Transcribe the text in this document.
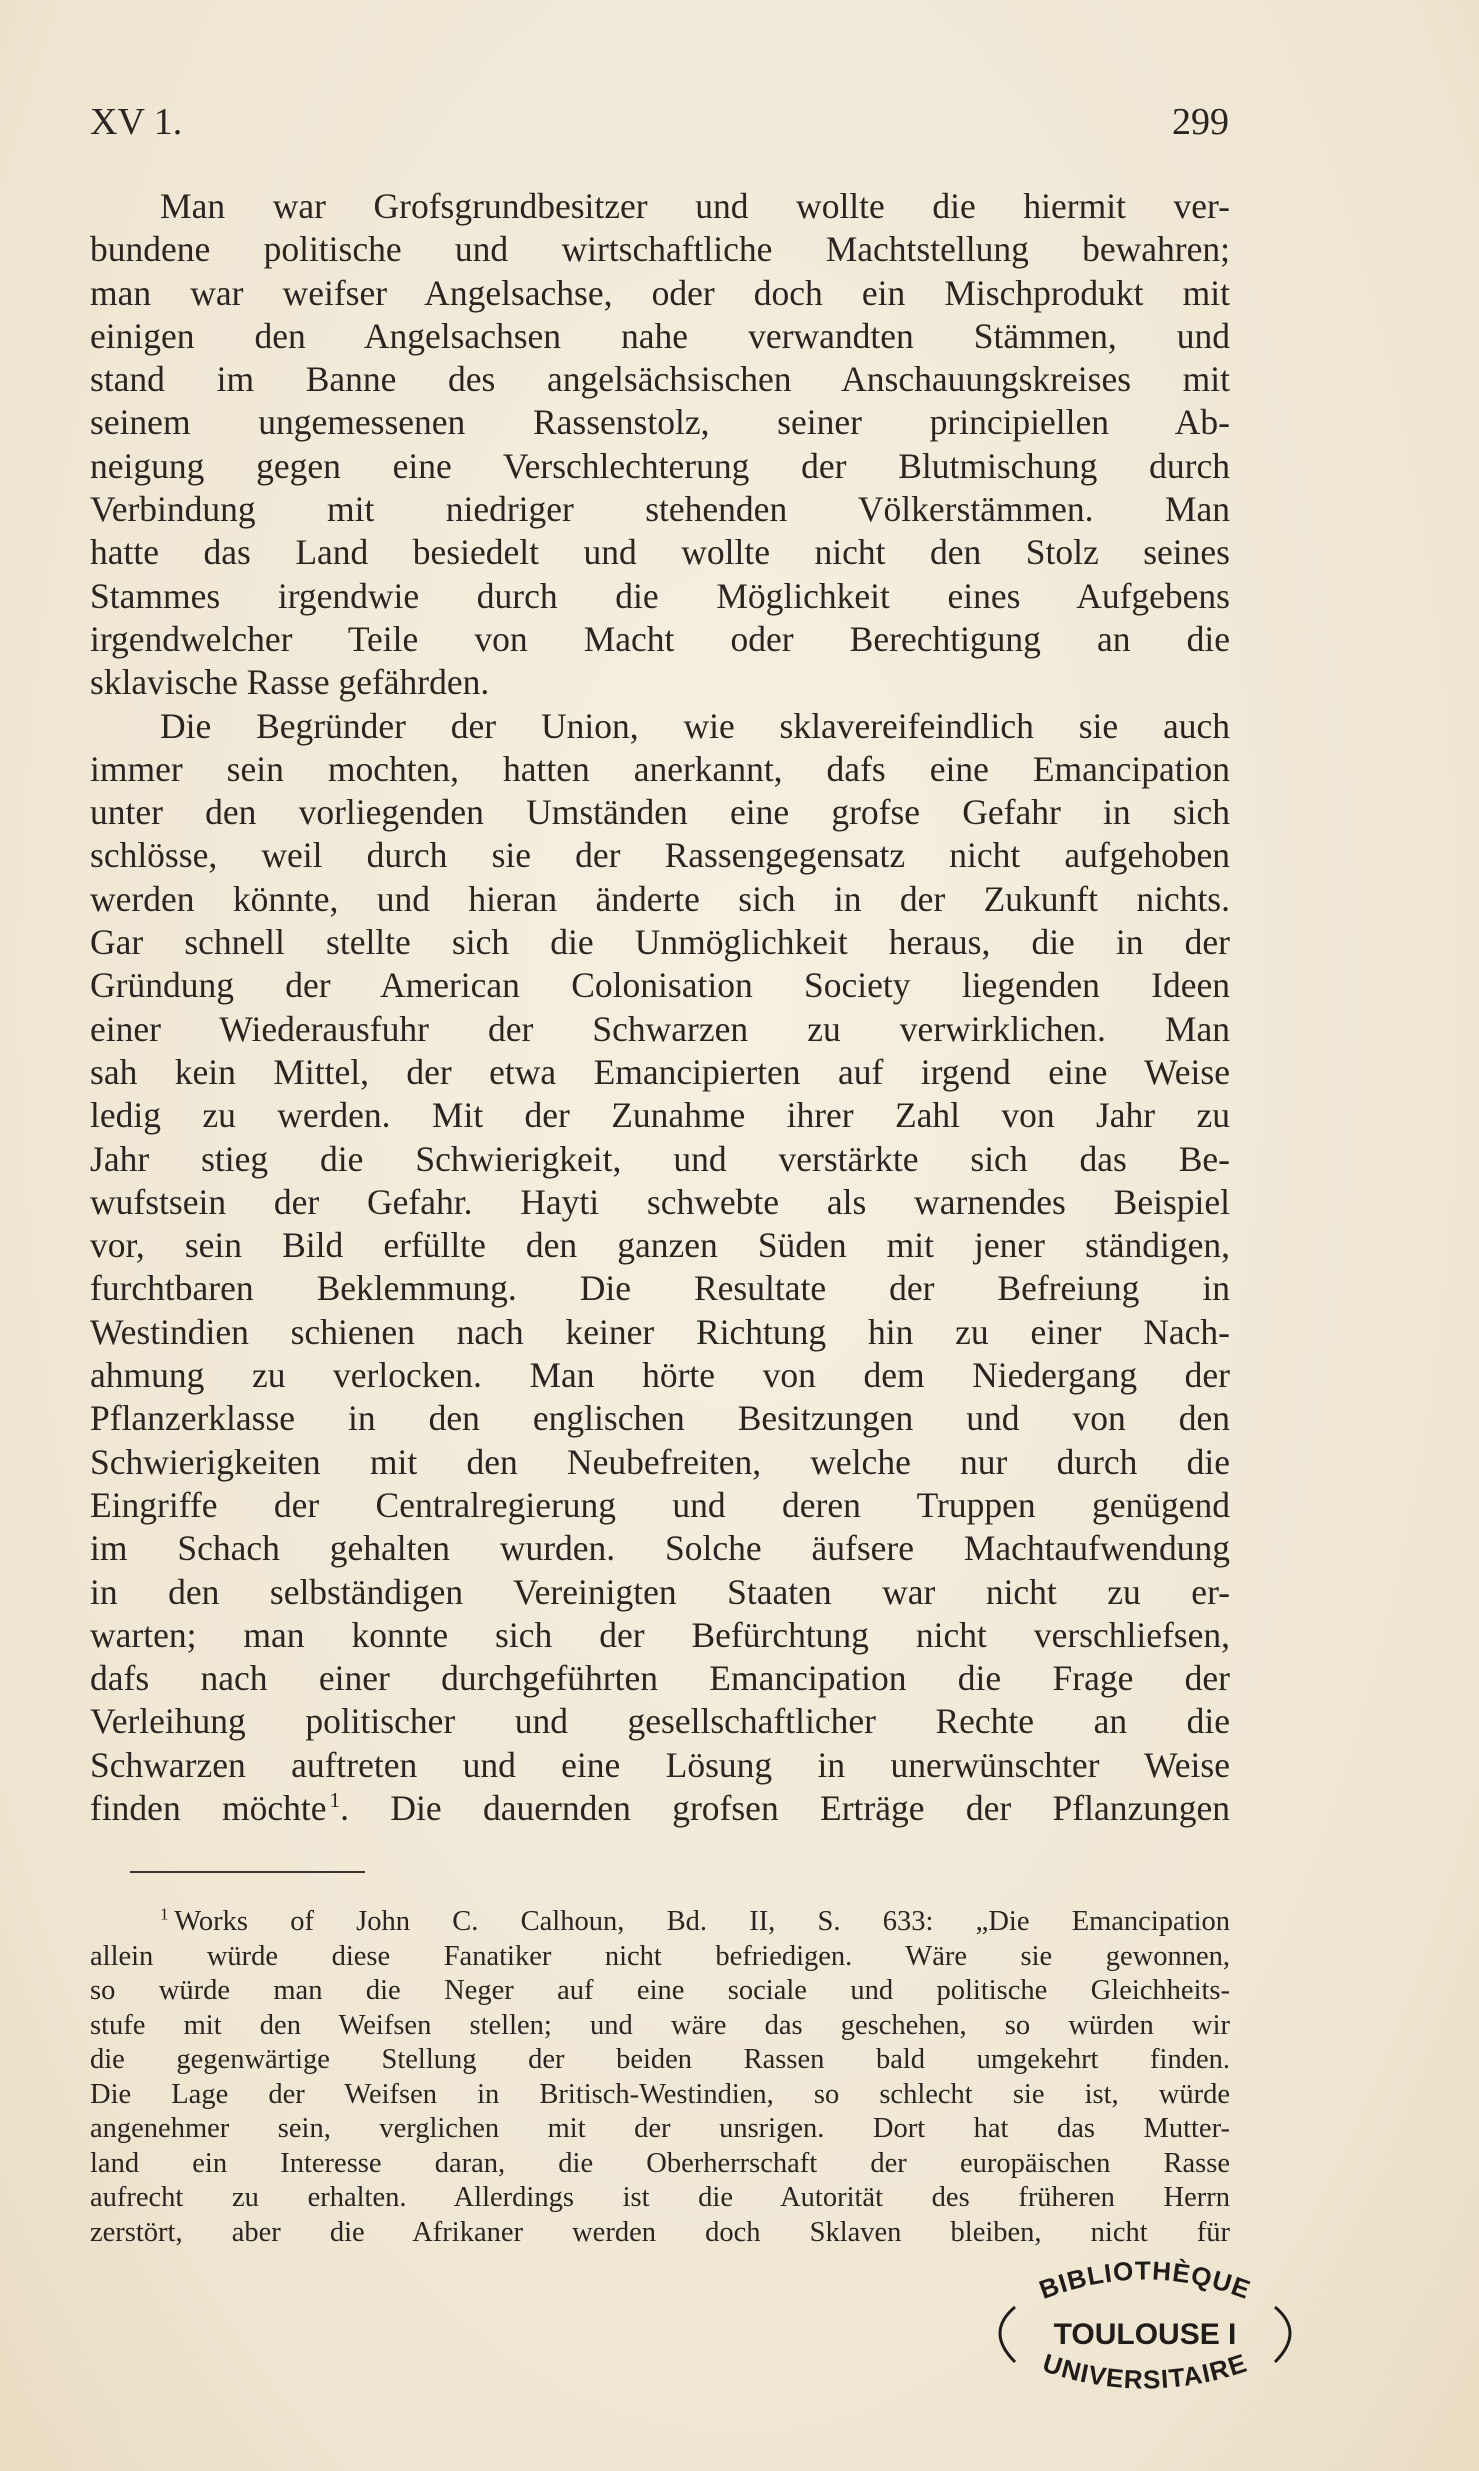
XV 1.	299
Man war Grofsgrundbesitzer und wollte die hiermit ver-
bundene politische und wirtschaftliche Machtstellung bewahren;
man war weifser Angelsachse, oder doch ein Mischprodukt mit
einigen den Angelsachsen nahe verwandten Stämmen, und
stand im Banne des angelsächsischen Anschauungskreises mit
seinem ungemessenen Rassenstolz, seiner principiellen Ab-
neigung gegen eine Verschlechterung der Blutmischung durch
Verbindung mit niedriger stehenden Völkerstämmen. Man
hatte das Land besiedelt und wollte nicht den Stolz seines
Stammes irgendwie durch die Möglichkeit eines Aufgebens
irgendwelcher Teile von Macht oder Berechtigung an die
sklavische Rasse gefährden.
Die Begründer der Union, wie sklavereifeindlich sie auch
immer sein mochten, hatten anerkannt, dafs eine Emancipation
unter den vorliegenden Umständen eine grofse Gefahr in sich
schlösse, weil durch sie der Rassengegensatz nicht aufgehoben
werden könnte, und hieran änderte sich in der Zukunft nichts.
Gar schnell stellte sich die Unmöglichkeit heraus, die in der
Gründung der American Colonisation Society liegenden Ideen
einer Wiederausfuhr der Schwarzen zu verwirklichen. Man
sah kein Mittel, der etwa Emancipierten auf irgend eine Weise
ledig zu werden. Mit der Zunahme ihrer Zahl von Jahr zu
Jahr stieg die Schwierigkeit, und verstärkte sich das Be-
wufstsein der Gefahr. Hayti schwebte als warnendes Beispiel
vor, sein Bild erfüllte den ganzen Süden mit jener ständigen,
furchtbaren Beklemmung. Die Resultate der Befreiung in
Westindien schienen nach keiner Richtung hin zu einer Nach-
ahmung zu verlocken. Man hörte von dem Niedergang der
Pflanzerklasse in den englischen Besitzungen und von den
Schwierigkeiten mit den Neubefreiten, welche nur durch die
Eingriffe der Centralregierung und deren Truppen genügend
im Schach gehalten wurden. Solche äufsere Machtaufwendung
in den selbständigen Vereinigten Staaten war nicht zu er-
warten; man konnte sich der Befürchtung nicht verschliefsen,
dafs nach einer durchgeführten Emancipation die Frage der
Verleihung politischer und gesellschaftlicher Rechte an die
Schwarzen auftreten und eine Lösung in unerwünschter Weise
finden möchte  $^1$. Die dauernden grofsen Erträge der Pflanzungen
$^1$  Works of John C. Calhoun, Bd. II, S. 633: „Die Emancipation
allein würde diese Fanatiker nicht befriedigen. Wäre sie gewonnen,
so würde man die Neger auf eine sociale und politische Gleichheits-
stufe mit den Weifsen stellen; und wäre das geschehen, so würden wir
die gegenwärtige Stellung der beiden Rassen bald umgekehrt finden.
Die Lage der Weifsen in Britisch-Westindien, so schlecht sie ist, würde
angenehmer sein, verglichen mit der unsrigen. Dort hat das Mutter-
land ein Interesse daran, die Oberherrschaft der europäischen Rasse
aufrecht zu erhalten. Allerdings ist die Autorität des früheren Herrn
zerstört, aber die Afrikaner werden doch Sklaven bleiben, nicht für
BIBLIOTHÈQUE
TOULOUSE I
UNIVERSITAIRE
